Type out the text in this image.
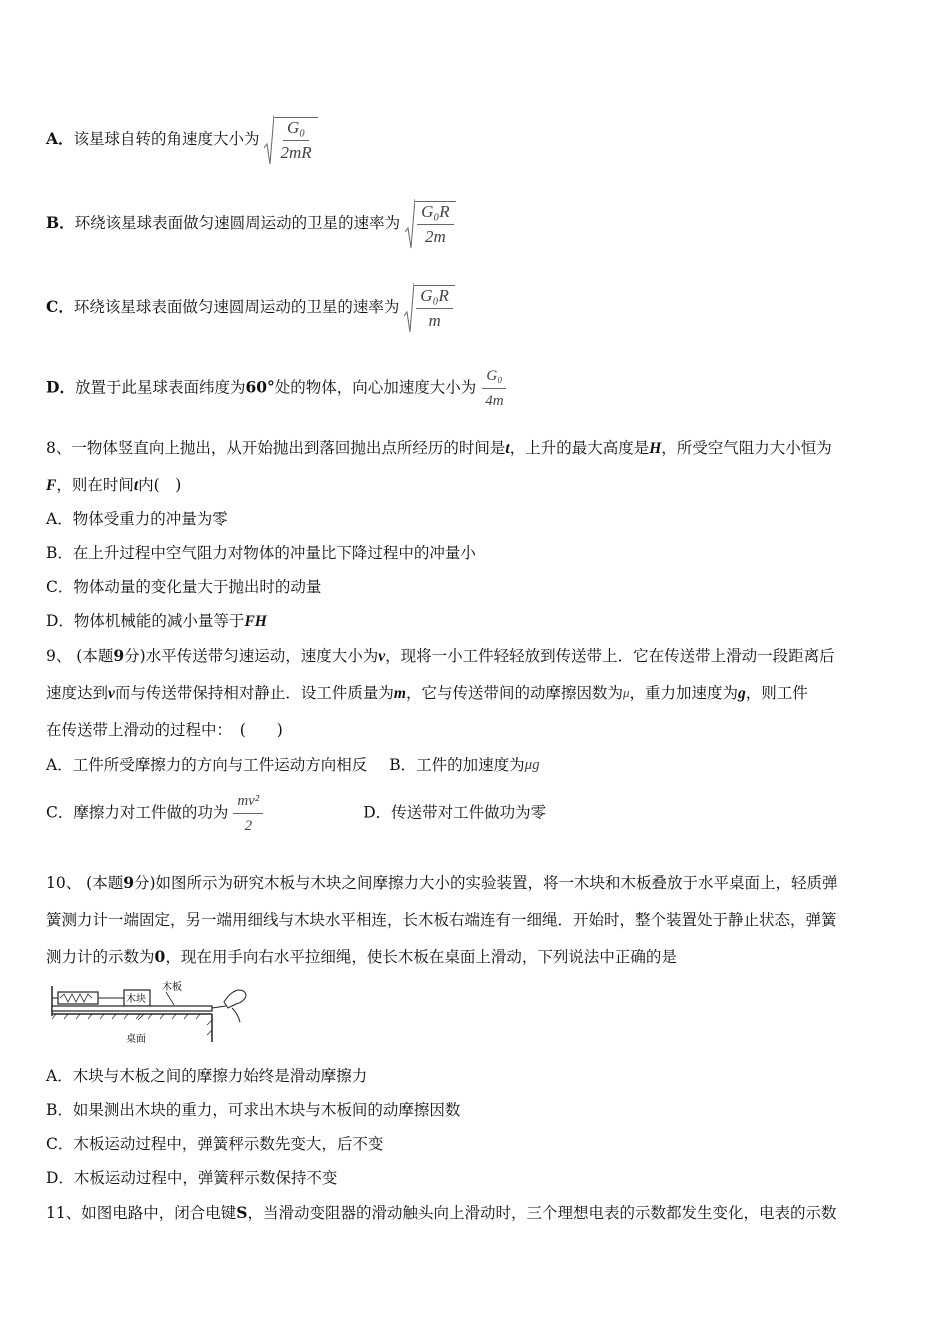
A．该星球自转的角速度大小为 $\frac{\text{G₀}}{2mR}$
B．环绕该星球表面做匀速圆周运动的卫星的速率为 $\frac{\text{G₀R}}{2m}$
C．环绕该星球表面做匀速圆周运动的卫星的速率为 $\frac{\text{G₀R}}{m}$
D．放置于此星球表面纬度为60°处的物体，向心加速度大小为 $\frac{\text{G₀}}{4m}$
8、一物体竖直向上抛出，从开始抛出到落回抛出点所经历的时间是t，上升的最大高度是H，所受空气阻力大小恒为
F，则在时间t内(　)
A．物体受重力的冲量为零
B．在上升过程中空气阻力对物体的冲量比下降过程中的冲量小
C．物体动量的变化量大于抛出时的动量
D．物体机械能的减小量等于FH
9、 (本题9分)水平传送带匀速运动，速度大小为v，现将一小工件轻轻放到传送带上．它在传送带上滑动一段距离后
速度达到v而与传送带保持相对静止．设工件质量为m，它与传送带间的动摩擦因数为μ，重力加速度为g，则工件
在传送带上滑动的过程中：　(　　)
A．工件所受摩擦力的方向与工件运动方向相反 B．工件的加速度为μg
C．摩擦力对工件做的功为 $\frac{\text{mv²}}{2}$	D．传送带对工件做功为零
10、 (本题9分)如图所示为研究木板与木块之间摩擦力大小的实验装置，将一木块和木板叠放于水平桌面上，轻质弹
簧测力计一端固定，另一端用细线与木块水平相连，长木板右端连有一细绳．开始时，整个装置处于静止状态，弹簧
测力计的示数为0，现在用手向右水平拉细绳，使长木板在桌面上滑动，下列说法中正确的是
木块
木板
桌面
A．木块与木板之间的摩擦力始终是滑动摩擦力
B．如果测出木块的重力，可求出木块与木板间的动摩擦因数
C．木板运动过程中，弹簧秤示数先变大，后不变
D．木板运动过程中，弹簧秤示数保持不变
11、如图电路中，闭合电键S，当滑动变阻器的滑动触头向上滑动时，三个理想电表的示数都发生变化，电表的示数
